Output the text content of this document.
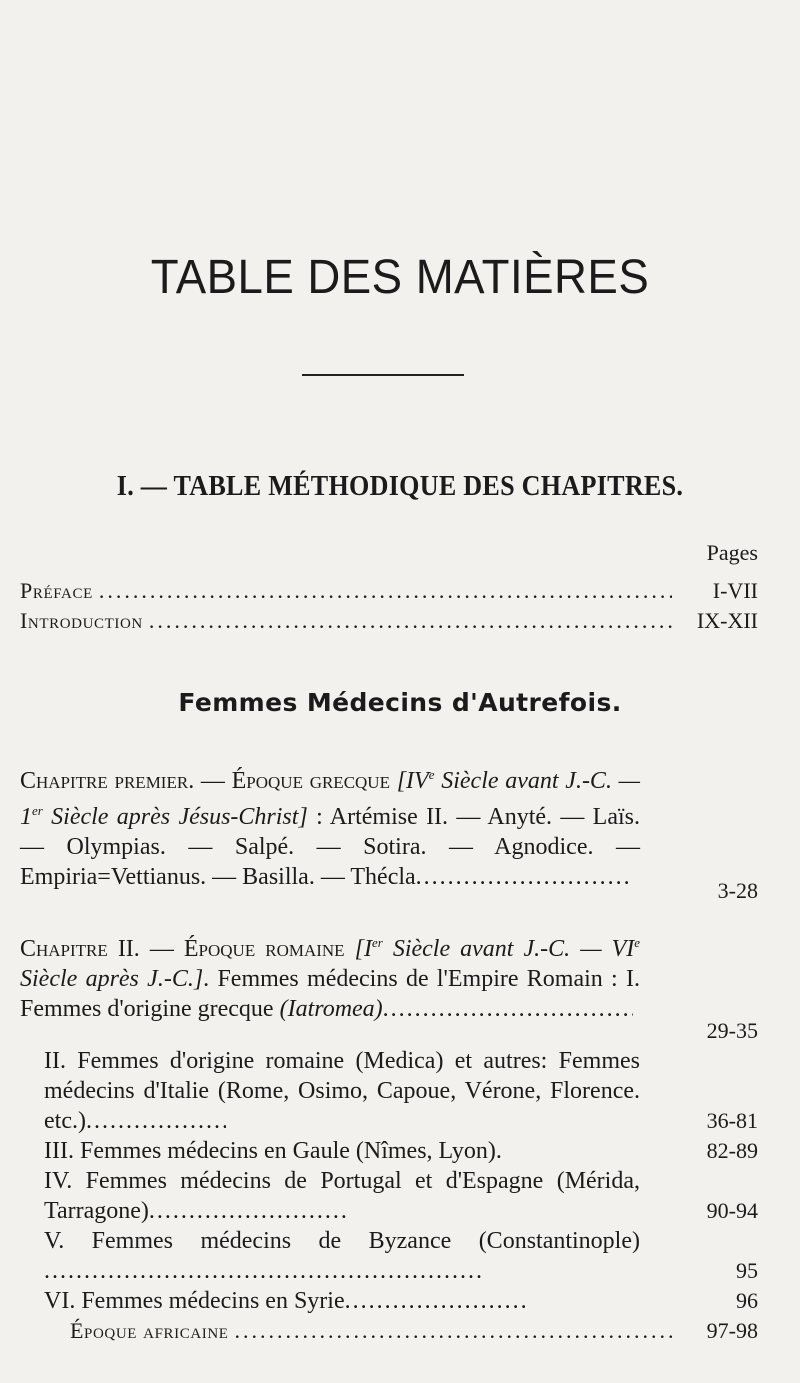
TABLE DES MATIÈRES
I. — TABLE MÉTHODIQUE DES CHAPITRES.
Pages
Préface .....	I-VII
Introduction .....	IX-XII
Femmes Médecins d'Autrefois.
Chapitre premier. — Époque grecque [IVe Siècle avant J.-C. — 1er Siècle après Jésus-Christ] : Artémise II. — Anyté. — Laïs. — Olympias. — Salpé. — Sotira. — Agnodice. — Empiria=Vettianus. — Basilla. — Thécla .....
3-28
Chapitre II. — Époque romaine [Ier Siècle avant J.-C. — VIe Siècle après J.-C.]. Femmes médecins de l'Empire Romain : I. Femmes d'origine grecque (Iatromea).....
29-35
II. Femmes d'origine romaine (Medica) et autres: Femmes médecins d'Italie (Rome, Osimo, Capoue, Vérone, Florence. etc.) .....	36-81
III. Femmes médecins en Gaule (Nîmes, Lyon).	82-89
IV. Femmes médecins de Portugal et d'Espagne (Mérida, Tarragone) .....	90-94
V. Femmes médecins de Byzance (Constantinople).....
95
VI. Femmes médecins en Syrie .....	96
Époque africaine .....	97-98
